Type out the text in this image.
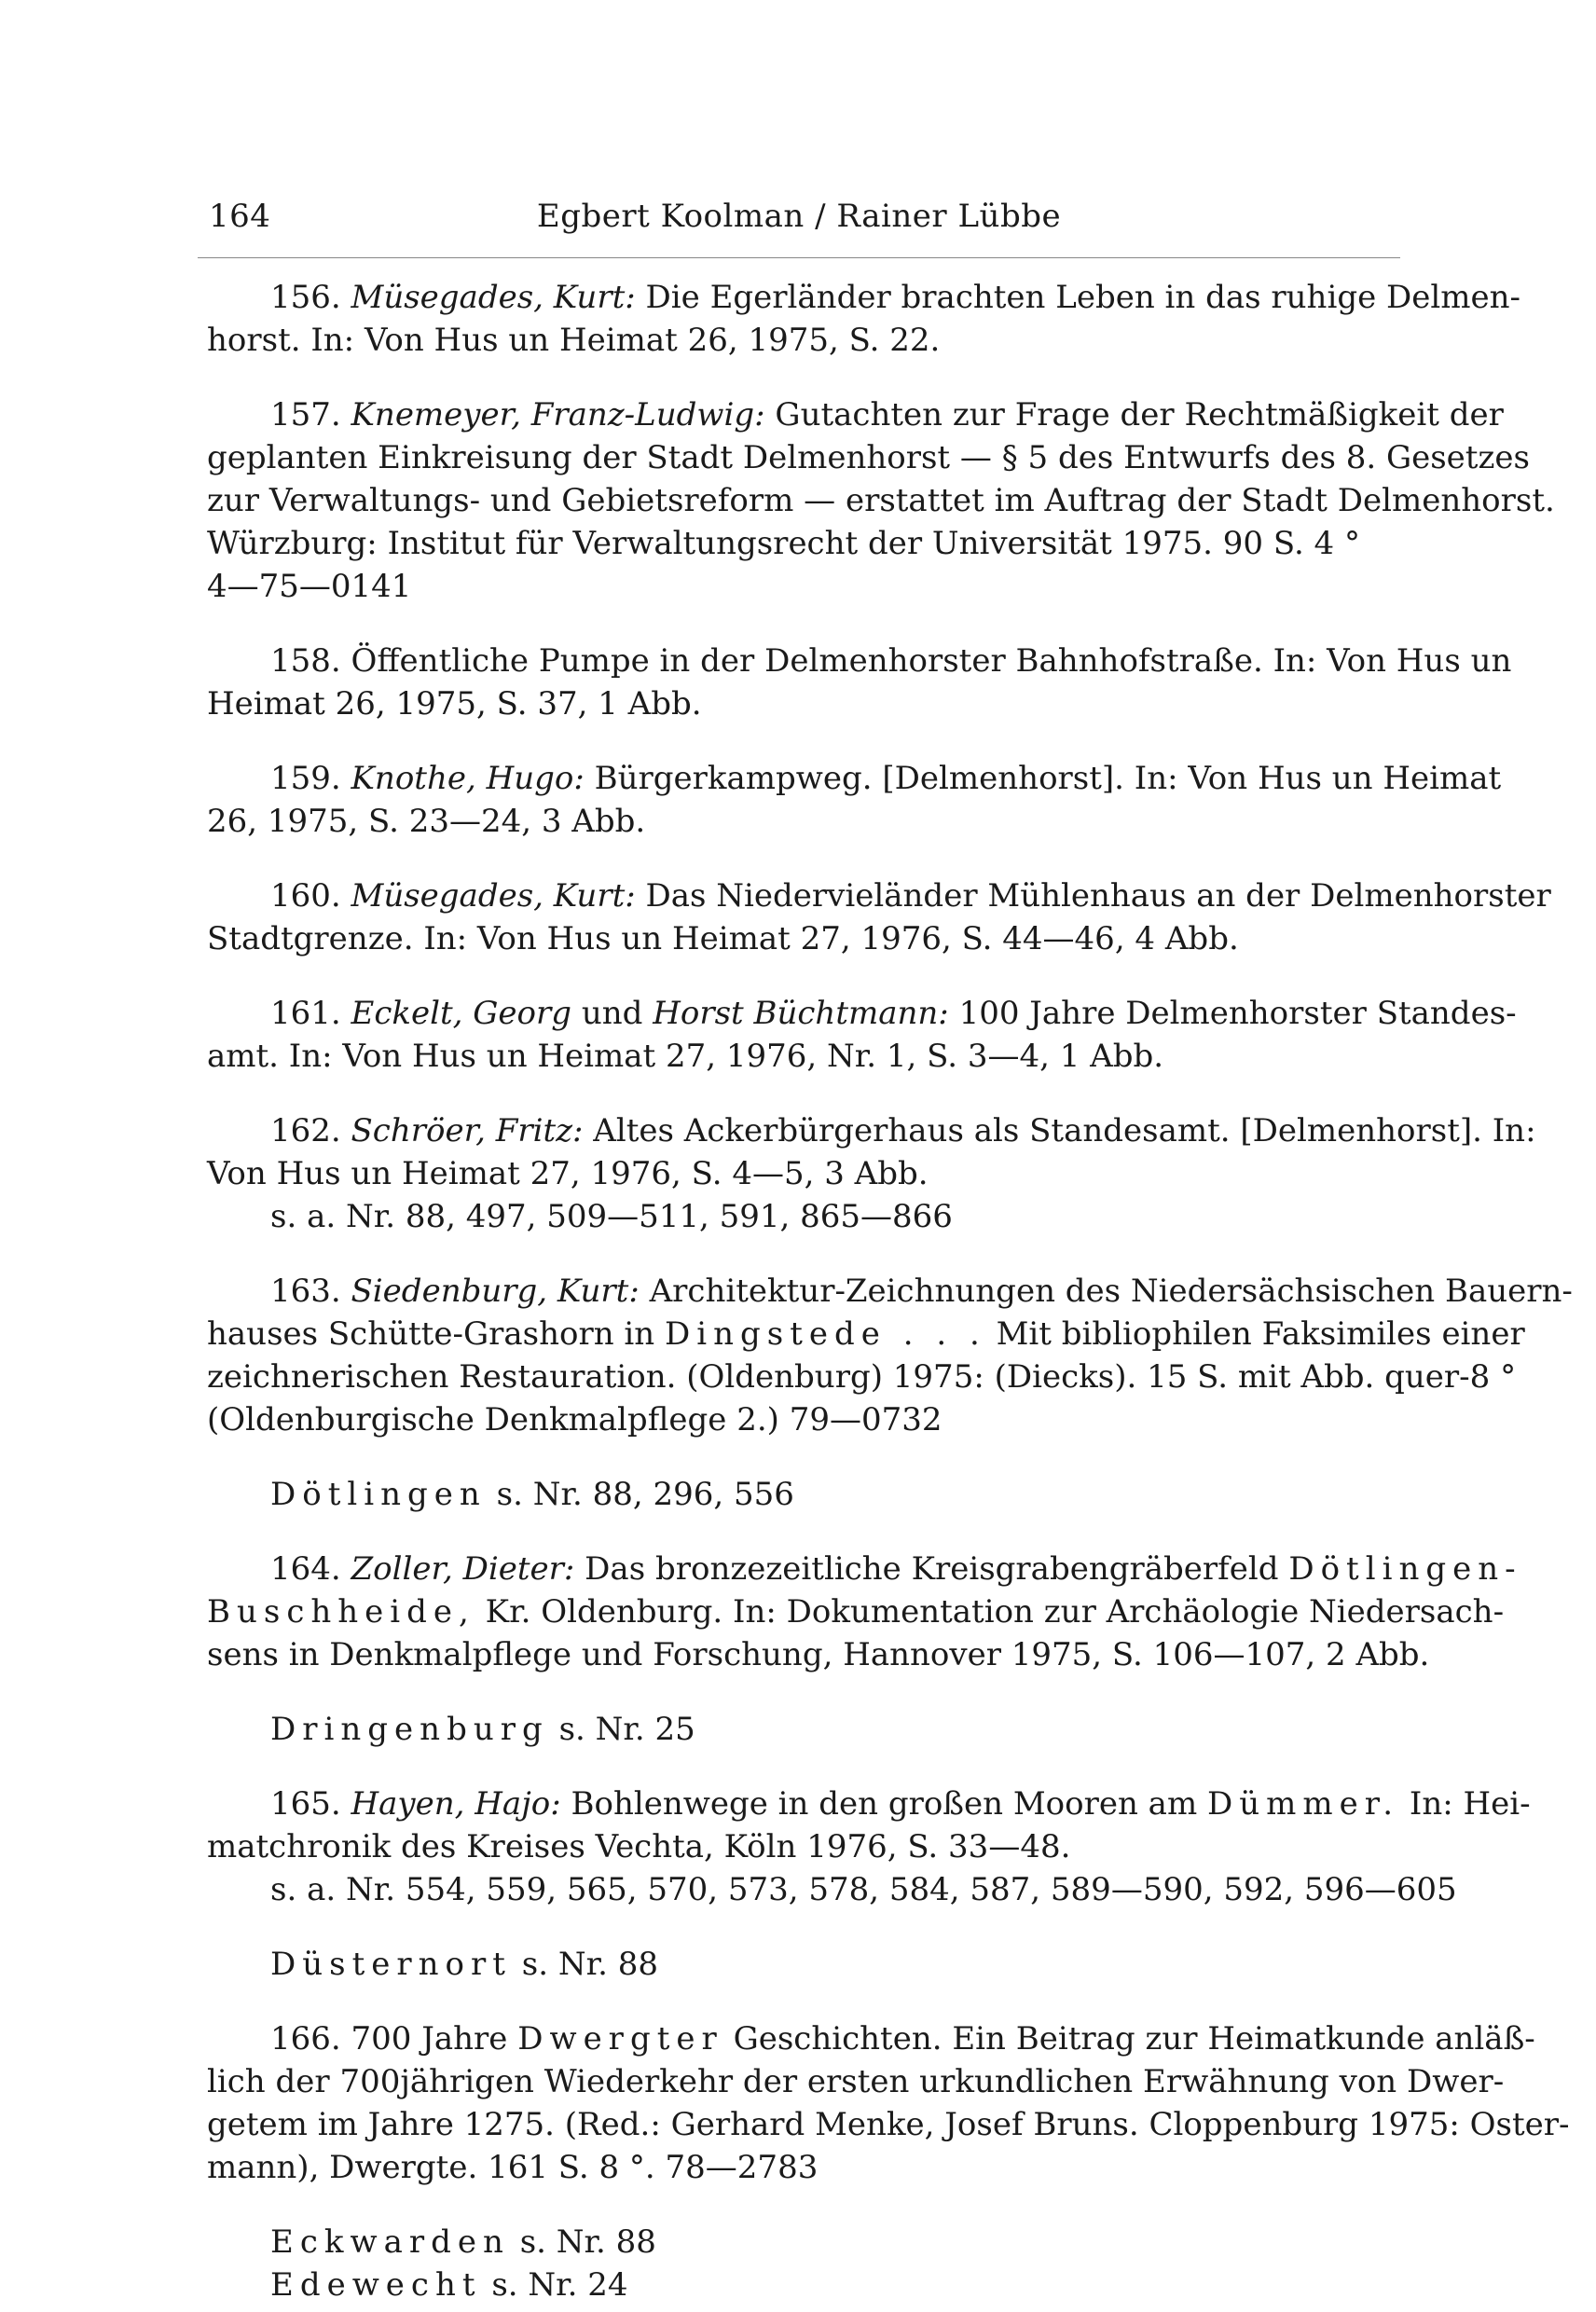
164	Egbert Koolman / Rainer Lübbe
156. Müsegades, Kurt: Die Egerländer brachten Leben in das ruhige Delmen-
horst. In: Von Hus un Heimat 26, 1975, S. 22.
157. Knemeyer, Franz-Ludwig: Gutachten zur Frage der Rechtmäßigkeit der
geplanten Einkreisung der Stadt Delmenhorst — § 5 des Entwurfs des 8. Gesetzes
zur Verwaltungs- und Gebietsreform — erstattet im Auftrag der Stadt Delmenhorst.
Würzburg: Institut für Verwaltungsrecht der Universität 1975. 90 S. 4 °
4—75—0141
158. Öffentliche Pumpe in der Delmenhorster Bahnhofstraße. In: Von Hus un
Heimat 26, 1975, S. 37, 1 Abb.
159. Knothe, Hugo: Bürgerkampweg. [Delmenhorst]. In: Von Hus un Heimat
26, 1975, S. 23—24, 3 Abb.
160. Müsegades, Kurt: Das Niedervieländer Mühlenhaus an der Delmenhorster
Stadtgrenze. In: Von Hus un Heimat 27, 1976, S. 44—46, 4 Abb.
161. Eckelt, Georg und Horst Büchtmann: 100 Jahre Delmenhorster Standes-
amt. In: Von Hus un Heimat 27, 1976, Nr. 1, S. 3—4, 1 Abb.
162. Schröer, Fritz: Altes Ackerbürgerhaus als Standesamt. [Delmenhorst]. In:
Von Hus un Heimat 27, 1976, S. 4—5, 3 Abb.
s. a. Nr. 88, 497, 509—511, 591, 865—866
163. Siedenburg, Kurt: Architektur-Zeichnungen des Niedersächsischen Bauern-
hauses Schütte-Grashorn in Dingstede . . . Mit bibliophilen Faksimiles einer
zeichnerischen Restauration. (Oldenburg) 1975: (Diecks). 15 S. mit Abb. quer-8 °
(Oldenburgische Denkmalpflege 2.) 79—0732
Dötlingen s. Nr. 88, 296, 556
164. Zoller, Dieter: Das bronzezeitliche Kreisgrabengräberfeld Dötlingen-
Buschheide, Kr. Oldenburg. In: Dokumentation zur Archäologie Niedersach-
sens in Denkmalpflege und Forschung, Hannover 1975, S. 106—107, 2 Abb.
Dringenburg s. Nr. 25
165. Hayen, Hajo: Bohlenwege in den großen Mooren am Dümmer. In: Hei-
matchronik des Kreises Vechta, Köln 1976, S. 33—48.
s. a. Nr. 554, 559, 565, 570, 573, 578, 584, 587, 589—590, 592, 596—605
Düsternort s. Nr. 88
166. 700 Jahre Dwergter Geschichten. Ein Beitrag zur Heimatkunde anläß-
lich der 700jährigen Wiederkehr der ersten urkundlichen Erwähnung von Dwer-
getem im Jahre 1275. (Red.: Gerhard Menke, Josef Bruns. Cloppenburg 1975: Oster-
mann), Dwergte. 161 S. 8 °. 78—2783
Eckwarden s. Nr. 88
Edewecht s. Nr. 24
